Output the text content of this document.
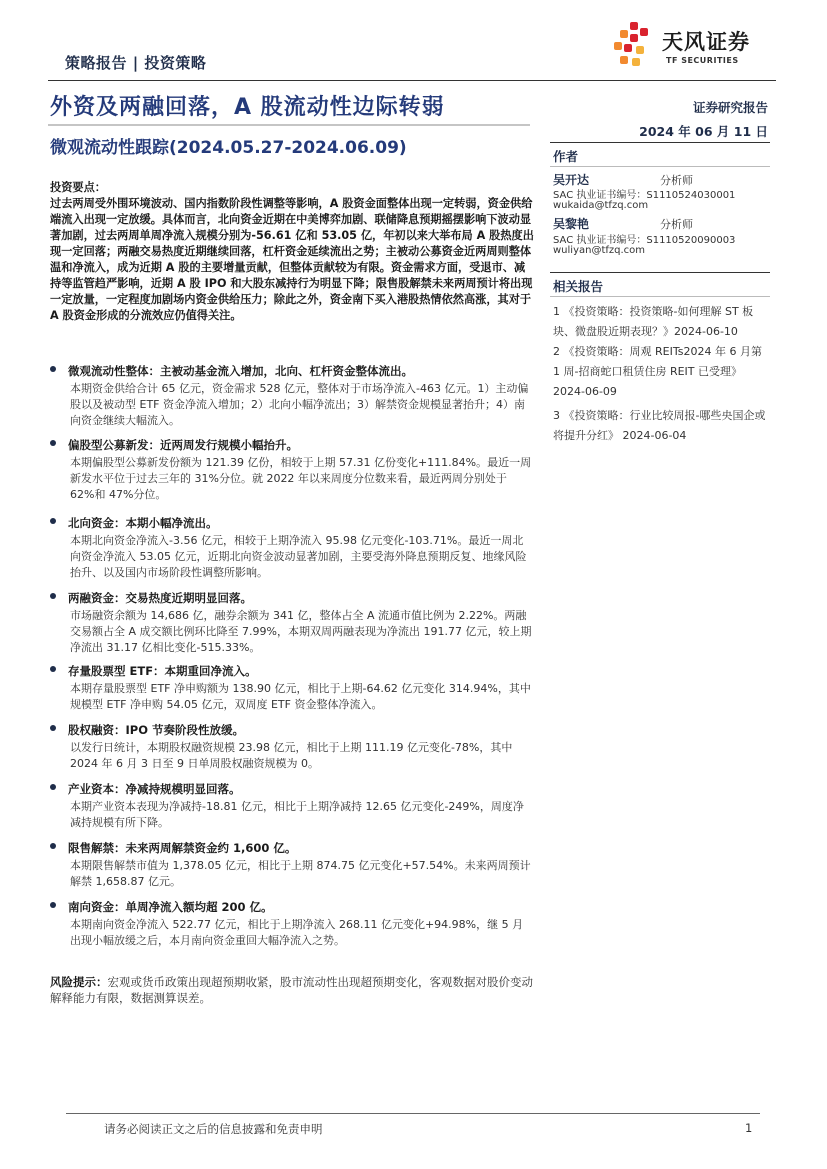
策略报告 | 投资策略
天风证券
TF SECURITIES
外资及两融回落，A 股流动性边际转弱
微观流动性跟踪(2024.05.27-2024.06.09)
证券研究报告
2024 年 06 月 11 日
作者
吴开达	分析师
SAC 执业证书编号：S1110524030001
wukaida@tfzq.com
吴黎艳	分析师
SAC 执业证书编号：S1110520090003
wuliyan@tfzq.com
相关报告
1 《投资策略：投资策略-如何理解 ST 板块、微盘股近期表现？》2024-06-10
2 《投资策略：周观 REITs2024 年 6 月第 1 周-招商蛇口租赁住房 REIT 已受理》2024-06-09
3 《投资策略：行业比较周报-哪些央国企或将提升分红》 2024-06-04
投资要点：
过去两周受外围环境波动、国内指数阶段性调整等影响，A 股资金面整体出现一定转弱，资金供给端流入出现一定放缓。具体而言，北向资金近期在中美博弈加剧、联储降息预期摇摆影响下波动显著加剧，过去两周单周净流入规模分别为-56.61 亿和 53.05 亿，年初以来大举布局 A 股热度出现一定回落；两融交易热度近期继续回落，杠杆资金延续流出之势；主被动公募资金近两周则整体温和净流入，成为近期 A 股的主要增量贡献，但整体贡献较为有限。资金需求方面，受退市、减持等监管趋严影响，近期 A 股 IPO 和大股东减持行为明显下降；限售股解禁未来两周预计将出现一定放量，一定程度加剧场内资金供给压力；除此之外，资金南下买入港股热情依然高涨，其对于 A 股资金形成的分流效应仍值得关注。
微观流动性整体：主被动基金流入增加，北向、杠杆资金整体流出。
本期资金供给合计 65 亿元，资金需求 528 亿元，整体对于市场净流入-463 亿元。1）主动偏股以及被动型 ETF 资金净流入增加；2）北向小幅净流出；3）解禁资金规模显著抬升；4）南向资金继续大幅流入。
偏股型公募新发：近两周发行规模小幅抬升。
本期偏股型公募新发份额为 121.39 亿份，相较于上期 57.31 亿份变化+111.84%。最近一周新发水平位于过去三年的 31%分位。就 2022 年以来周度分位数来看，最近两周分别处于 62%和 47%分位。
北向资金：本期小幅净流出。
本期北向资金净流入-3.56 亿元，相较于上期净流入 95.98 亿元变化-103.71%。最近一周北向资金净流入 53.05 亿元，近期北向资金波动显著加剧，主要受海外降息预期反复、地缘风险抬升、以及国内市场阶段性调整所影响。
两融资金：交易热度近期明显回落。
市场融资余额为 14,686 亿，融券余额为 341 亿，整体占全 A 流通市值比例为 2.22%。两融交易额占全 A 成交额比例环比降至 7.99%，本期双周两融表现为净流出 191.77 亿元，较上期净流出 31.17 亿相比变化-515.33%。
存量股票型 ETF：本期重回净流入。
本期存量股票型 ETF 净申购额为 138.90 亿元，相比于上期-64.62 亿元变化 314.94%，其中规模型 ETF 净申购 54.05 亿元，双周度 ETF 资金整体净流入。
股权融资：IPO 节奏阶段性放缓。
以发行日统计，本期股权融资规模 23.98 亿元，相比于上期 111.19 亿元变化-78%，其中 2024 年 6 月 3 日至 9 日单周股权融资规模为 0。
产业资本：净减持规模明显回落。
本期产业资本表现为净减持-18.81 亿元，相比于上期净减持 12.65 亿元变化-249%，周度净减持规模有所下降。
限售解禁：未来两周解禁资金约 1,600 亿。
本期限售解禁市值为 1,378.05 亿元，相比于上期 874.75 亿元变化+57.54%。未来两周预计解禁 1,658.87 亿元。
南向资金：单周净流入额均超 200 亿。
本期南向资金净流入 522.77 亿元，相比于上期净流入 268.11 亿元变化+94.98%，继 5 月出现小幅放缓之后，本月南向资金重回大幅净流入之势。
风险提示：宏观或货币政策出现超预期收紧，股市流动性出现超预期变化，客观数据对股价变动解释能力有限，数据测算误差。
请务必阅读正文之后的信息披露和免责申明	1
